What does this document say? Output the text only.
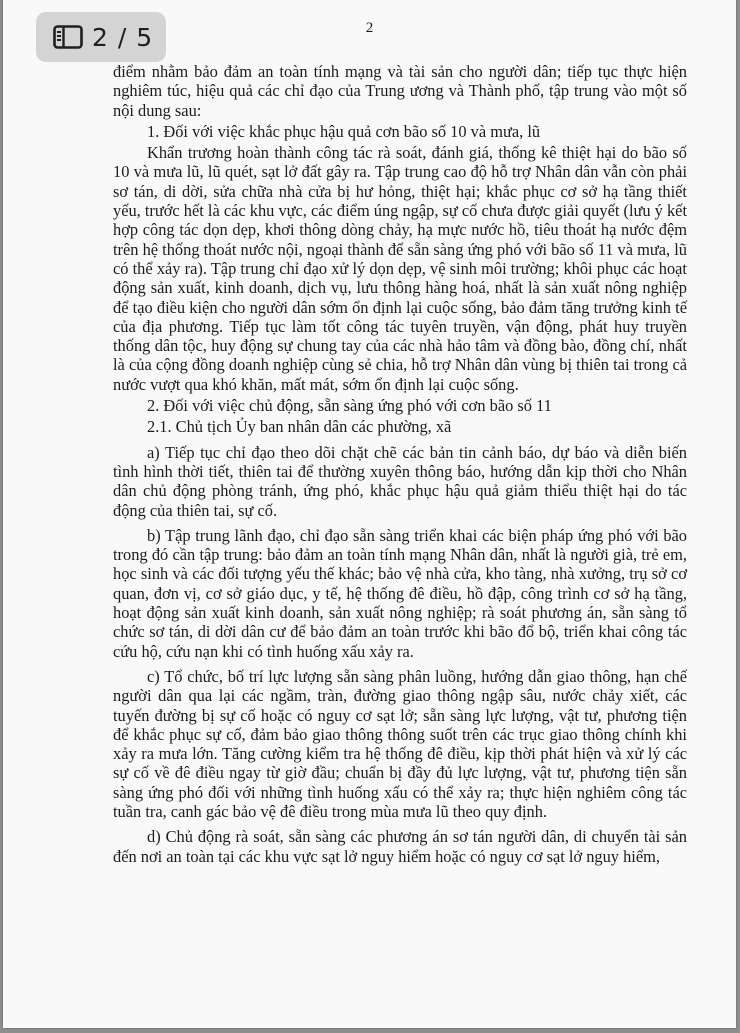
2 / 5	2

điểm nhằm bảo đảm an toàn tính mạng và tài sản cho người dân; tiếp tục thực hiện nghiêm túc, hiệu quả các chỉ đạo của Trung ương và Thành phố, tập trung vào một số nội dung sau:

1. Đối với việc khắc phục hậu quả cơn bão số 10 và mưa, lũ

Khẩn trương hoàn thành công tác rà soát, đánh giá, thống kê thiệt hại do bão số 10 và mưa lũ, lũ quét, sạt lở đất gây ra. Tập trung cao độ hỗ trợ Nhân dân vẫn còn phải sơ tán, di dời, sửa chữa nhà cửa bị hư hỏng, thiệt hại; khắc phục cơ sở hạ tầng thiết yếu, trước hết là các khu vực, các điểm úng ngập, sự cố chưa được giải quyết (lưu ý kết hợp công tác dọn dẹp, khơi thông dòng chảy, hạ mực nước hồ, tiêu thoát hạ nước đệm trên hệ thống thoát nước nội, ngoại thành để sẵn sàng ứng phó với bão số 11 và mưa, lũ có thể xảy ra). Tập trung chỉ đạo xử lý dọn dẹp, vệ sinh môi trường; khôi phục các hoạt động sản xuất, kinh doanh, dịch vụ, lưu thông hàng hoá, nhất là sản xuất nông nghiệp để tạo điều kiện cho người dân sớm ổn định lại cuộc sống, bảo đảm tăng trưởng kinh tế của địa phương. Tiếp tục làm tốt công tác tuyên truyền, vận động, phát huy truyền thống dân tộc, huy động sự chung tay của các nhà hảo tâm và đồng bào, đồng chí, nhất là của cộng đồng doanh nghiệp cùng sẻ chia, hỗ trợ Nhân dân vùng bị thiên tai trong cả nước vượt qua khó khăn, mất mát, sớm ổn định lại cuộc sống.

2. Đối với việc chủ động, sẵn sàng ứng phó với cơn bão số 11

2.1. Chủ tịch Ủy ban nhân dân các phường, xã

a) Tiếp tục chỉ đạo theo dõi chặt chẽ các bản tin cảnh báo, dự báo và diễn biến tình hình thời tiết, thiên tai để thường xuyên thông báo, hướng dẫn kịp thời cho Nhân dân chủ động phòng tránh, ứng phó, khắc phục hậu quả giảm thiểu thiệt hại do tác động của thiên tai, sự cố.

b) Tập trung lãnh đạo, chỉ đạo sẵn sàng triển khai các biện pháp ứng phó với bão trong đó cần tập trung: bảo đảm an toàn tính mạng Nhân dân, nhất là người già, trẻ em, học sinh và các đối tượng yếu thế khác; bảo vệ nhà cửa, kho tàng, nhà xưởng, trụ sở cơ quan, đơn vị, cơ sở giáo dục, y tế, hệ thống đê điều, hồ đập, công trình cơ sở hạ tầng, hoạt động sản xuất kinh doanh, sản xuất nông nghiệp; rà soát phương án, sẵn sàng tổ chức sơ tán, di dời dân cư để bảo đảm an toàn trước khi bão đổ bộ, triển khai công tác cứu hộ, cứu nạn khi có tình huống xấu xảy ra.

c) Tổ chức, bố trí lực lượng sẵn sàng phân luồng, hướng dẫn giao thông, hạn chế người dân qua lại các ngầm, tràn, đường giao thông ngập sâu, nước chảy xiết, các tuyến đường bị sự cố hoặc có nguy cơ sạt lở; sẵn sàng lực lượng, vật tư, phương tiện để khắc phục sự cố, đảm bảo giao thông thông suốt trên các trục giao thông chính khi xảy ra mưa lớn. Tăng cường kiểm tra hệ thống đê điều, kịp thời phát hiện và xử lý các sự cố về đê điều ngay từ giờ đầu; chuẩn bị đầy đủ lực lượng, vật tư, phương tiện sẵn sàng ứng phó đối với những tình huống xấu có thể xảy ra; thực hiện nghiêm công tác tuần tra, canh gác bảo vệ đê điều trong mùa mưa lũ theo quy định.

d) Chủ động rà soát, sẵn sàng các phương án sơ tán người dân, di chuyển tài sản đến nơi an toàn tại các khu vực sạt lở nguy hiểm hoặc có nguy cơ sạt lở nguy hiểm,
